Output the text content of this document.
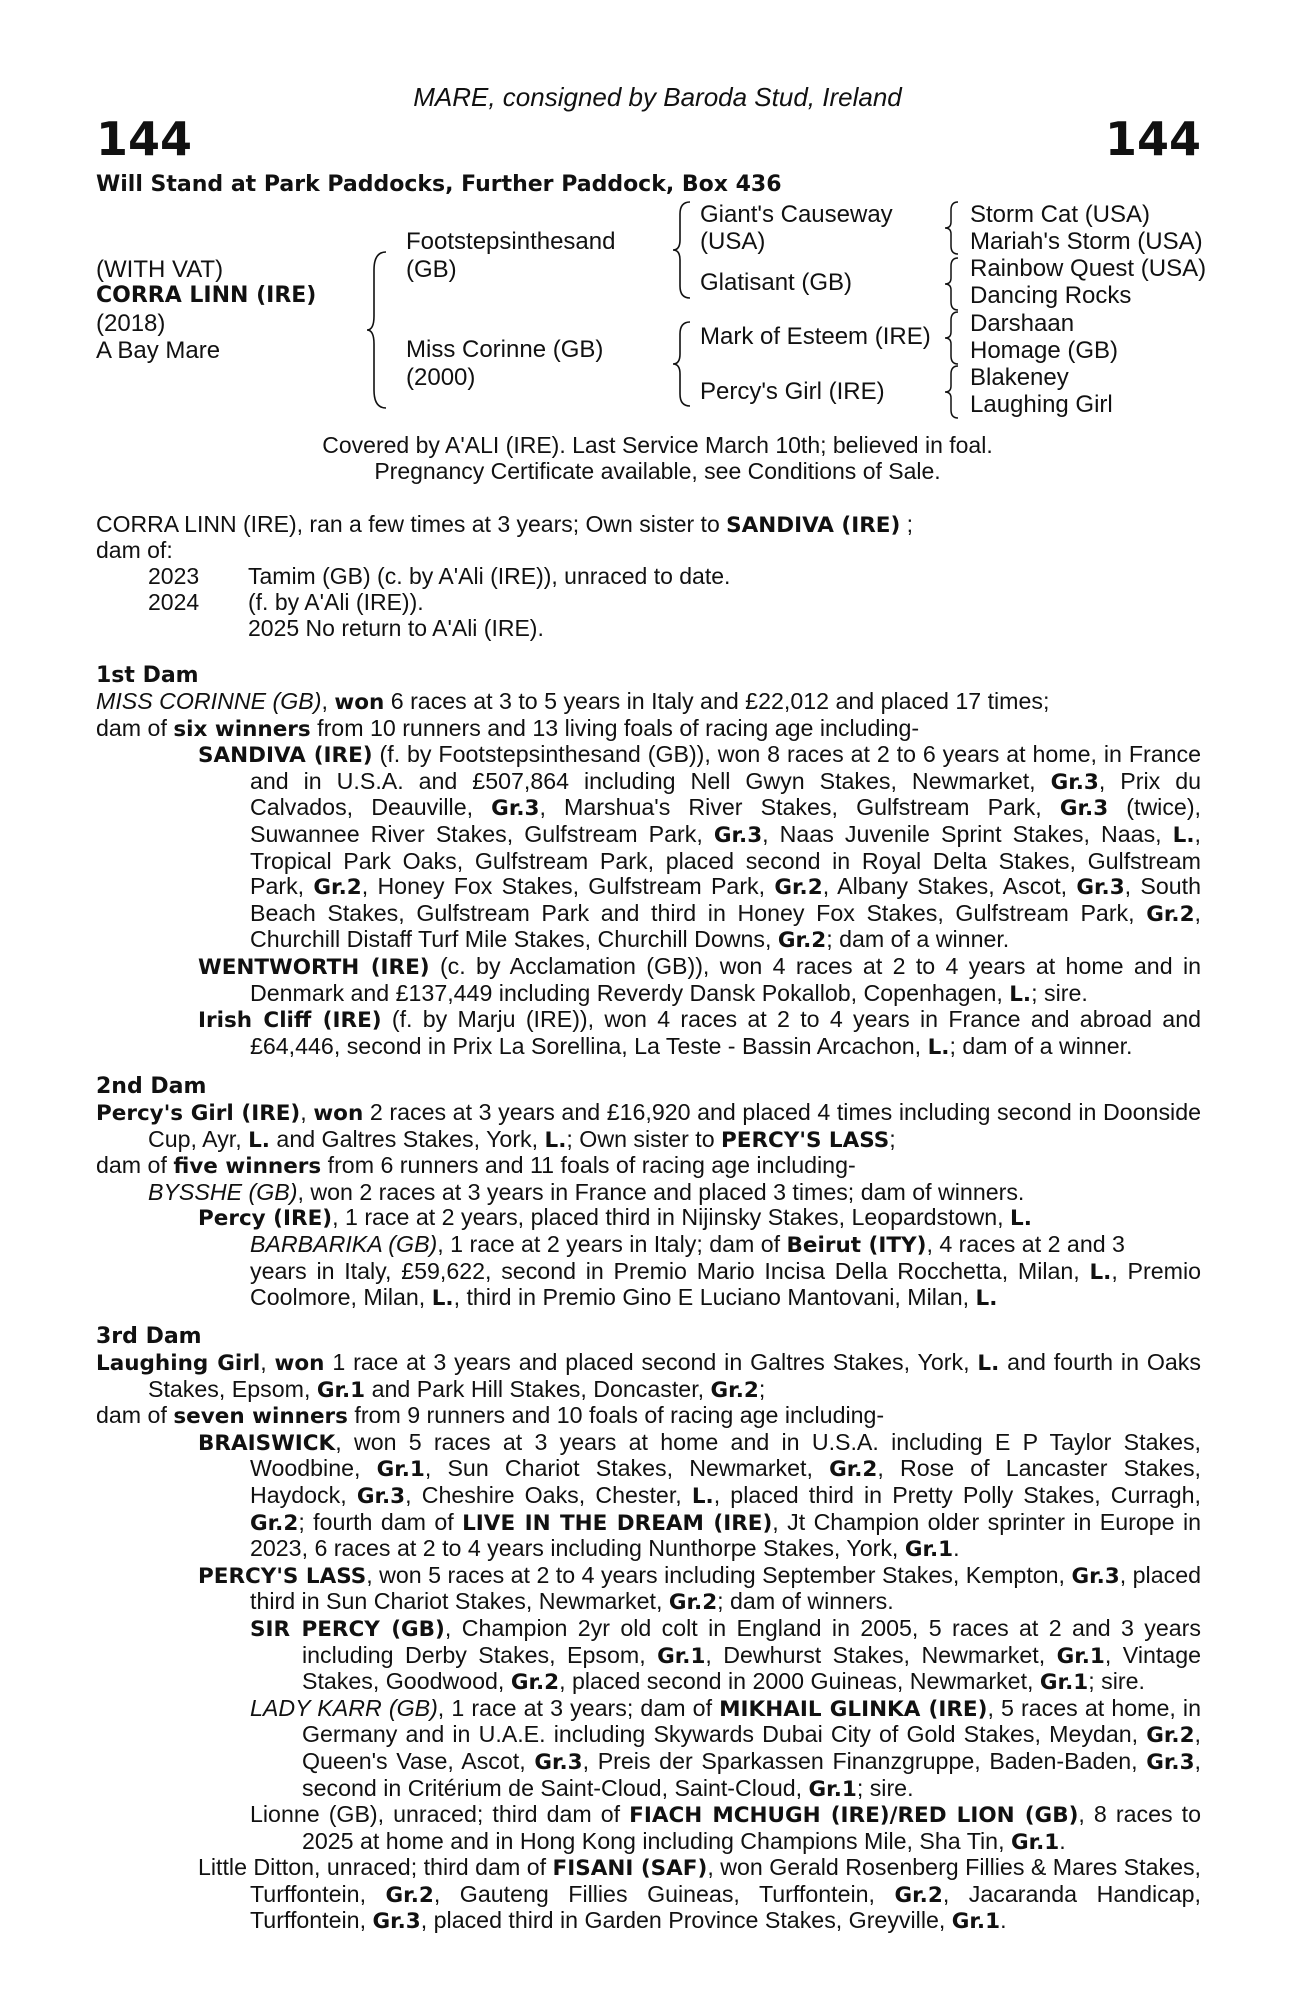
144	144
MARE, consigned by Baroda Stud, Ireland
Will Stand at Park Paddocks, Further Paddock, Box 436
(WITH VAT)
CORRA LINN (IRE)
(2018)
A Bay Mare
Footstepsinthesand
(GB)
Miss Corinne (GB)
(2000)
Giant's Causeway
(USA)
Glatisant (GB)
Mark of Esteem (IRE)
Percy's Girl (IRE)
Storm Cat (USA)
Mariah's Storm (USA)
Rainbow Quest (USA)
Dancing Rocks
Darshaan
Homage (GB)
Blakeney
Laughing Girl
Covered by A'ALI (IRE). Last Service March 10th; believed in foal.
Pregnancy Certificate available, see Conditions of Sale.
CORRA LINN (IRE), ran a few times at 3 years; Own sister to SANDIVA (IRE) ;
dam of:
2023 Tamim (GB) (c. by A'Ali (IRE)), unraced to date.
2024 (f. by A'Ali (IRE)).
2025 No return to A'Ali (IRE).
1st Dam

MISS CORINNE (GB), won 6 races at 3 to 5 years in Italy and £22,012 and placed 17 times;

dam of six winners from 10 runners and 13 living foals of racing age including-

SANDIVA (IRE) (f. by Footstepsinthesand (GB)), won 8 races at 2 to 6 years at home, in France and in U.S.A. and £507,864 including Nell Gwyn Stakes, Newmarket, Gr.3, Prix du Calvados, Deauville, Gr.3, Marshua's River Stakes, Gulfstream Park, Gr.3 (twice), Suwannee River Stakes, Gulfstream Park, Gr.3, Naas Juvenile Sprint Stakes, Naas, L., Tropical Park Oaks, Gulfstream Park, placed second in Royal Delta Stakes, Gulfstream Park, Gr.2, Honey Fox Stakes, Gulfstream Park, Gr.2, Albany Stakes, Ascot, Gr.3, South Beach Stakes, Gulfstream Park and third in Honey Fox Stakes, Gulfstream Park, Gr.2, Churchill Distaff Turf Mile Stakes, Churchill Downs, Gr.2; dam of a winner.

WENTWORTH (IRE) (c. by Acclamation (GB)), won 4 races at 2 to 4 years at home and in Denmark and £137,449 including Reverdy Dansk Pokallob, Copenhagen, L.; sire.

Irish Cliff (IRE) (f. by Marju (IRE)), won 4 races at 2 to 4 years in France and abroad and £64,446, second in Prix La Sorellina, La Teste - Bassin Arcachon, L.; dam of a winner.

2nd Dam

Percy's Girl (IRE), won 2 races at 3 years and £16,920 and placed 4 times including second in Doonside Cup, Ayr, L. and Galtres Stakes, York, L.; Own sister to PERCY'S LASS;

dam of five winners from 6 runners and 11 foals of racing age including-

BYSSHE (GB), won 2 races at 3 years in France and placed 3 times; dam of winners.

Percy (IRE), 1 race at 2 years, placed third in Nijinsky Stakes, Leopardstown, L.

BARBARIKA (GB), 1 race at 2 years in Italy; dam of Beirut (ITY), 4 races at 2 and 3

years in Italy, £59,622, second in Premio Mario Incisa Della Rocchetta, Milan, L., Premio Coolmore, Milan, L., third in Premio Gino E Luciano Mantovani, Milan, L.

3rd Dam

Laughing Girl, won 1 race at 3 years and placed second in Galtres Stakes, York, L. and fourth in Oaks Stakes, Epsom, Gr.1 and Park Hill Stakes, Doncaster, Gr.2;

dam of seven winners from 9 runners and 10 foals of racing age including-

BRAISWICK, won 5 races at 3 years at home and in U.S.A. including E P Taylor Stakes, Woodbine, Gr.1, Sun Chariot Stakes, Newmarket, Gr.2, Rose of Lancaster Stakes, Haydock, Gr.3, Cheshire Oaks, Chester, L., placed third in Pretty Polly Stakes, Curragh, Gr.2; fourth dam of LIVE IN THE DREAM (IRE), Jt Champion older sprinter in Europe in 2023, 6 races at 2 to 4 years including Nunthorpe Stakes, York, Gr.1.

PERCY'S LASS, won 5 races at 2 to 4 years including September Stakes, Kempton, Gr.3, placed third in Sun Chariot Stakes, Newmarket, Gr.2; dam of winners.

SIR PERCY (GB), Champion 2yr old colt in England in 2005, 5 races at 2 and 3 years including Derby Stakes, Epsom, Gr.1, Dewhurst Stakes, Newmarket, Gr.1, Vintage Stakes, Goodwood, Gr.2, placed second in 2000 Guineas, Newmarket, Gr.1; sire.

LADY KARR (GB), 1 race at 3 years; dam of MIKHAIL GLINKA (IRE), 5 races at home, in Germany and in U.A.E. including Skywards Dubai City of Gold Stakes, Meydan, Gr.2, Queen's Vase, Ascot, Gr.3, Preis der Sparkassen Finanzgruppe, Baden-Baden, Gr.3, second in Critérium de Saint-Cloud, Saint-Cloud, Gr.1; sire.

Lionne (GB), unraced; third dam of FIACH MCHUGH (IRE)/RED LION (GB), 8 races to 2025 at home and in Hong Kong including Champions Mile, Sha Tin, Gr.1.

Little Ditton, unraced; third dam of FISANI (SAF), won Gerald Rosenberg Fillies & Mares Stakes, Turffontein, Gr.2, Gauteng Fillies Guineas, Turffontein, Gr.2, Jacaranda Handicap, Turffontein, Gr.3, placed third in Garden Province Stakes, Greyville, Gr.1.
